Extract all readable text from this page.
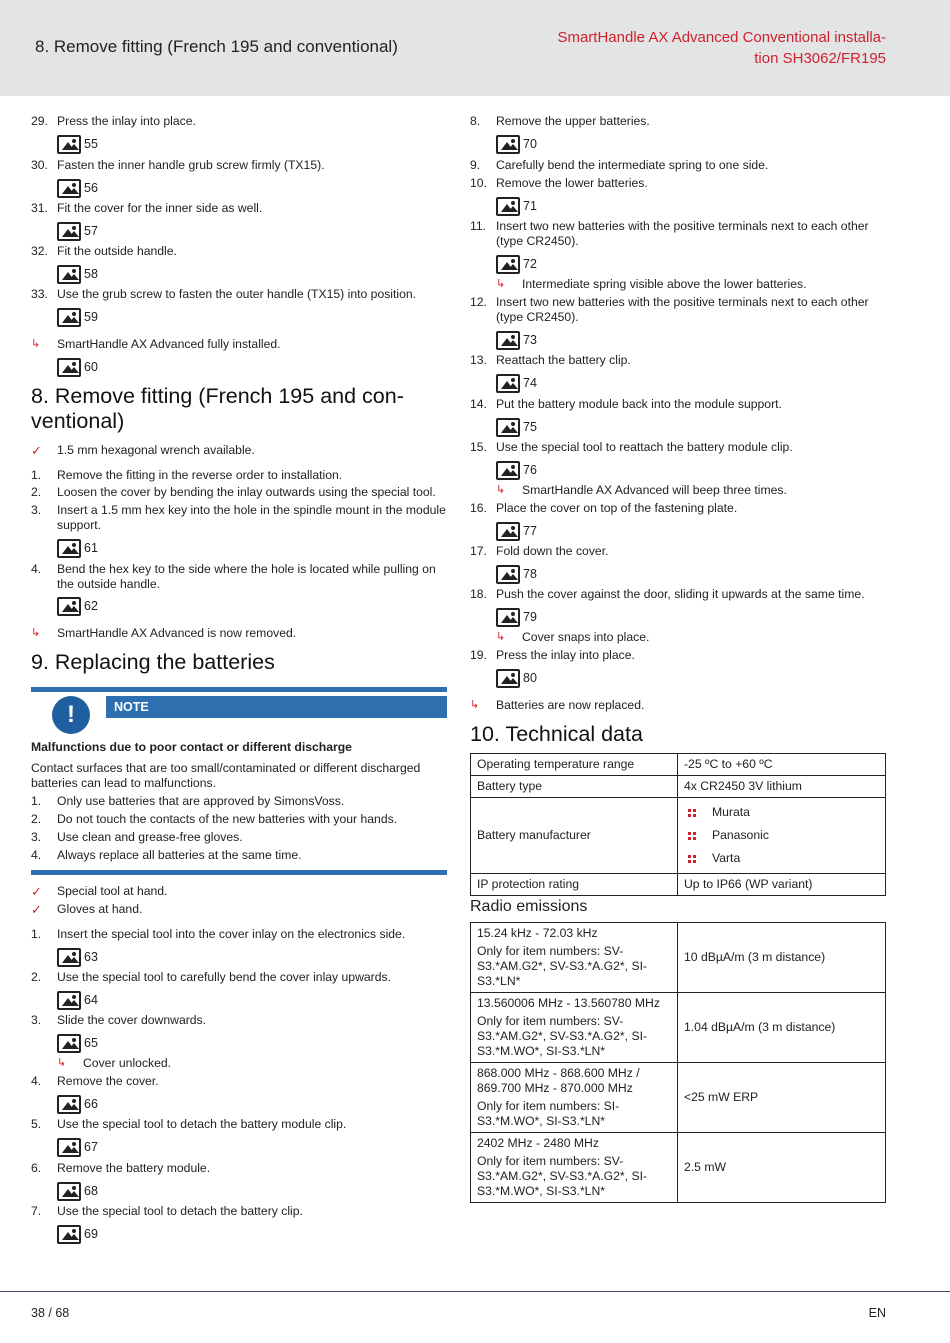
8. Remove fitting (French 195 and conventional)	SmartHandle AX Advanced Conventional installa-
tion SH3062/FR195
29. Press the inlay into place.
55
30. Fasten the inner handle grub screw firmly (TX15).
56
31. Fit the cover for the inner side as well.
57
32. Fit the outside handle.
58
33. Use the grub screw to fasten the outer handle (TX15) into position.
59
↳	SmartHandle AX Advanced fully installed.
60
8. Remove fitting (French 195 and con-
ventional)
✓	1.5 mm hexagonal wrench available.
1.	Remove the fitting in the reverse order to installation.
2.	Loosen the cover by bending the inlay outwards using the special tool.
3.	Insert a 1.5 mm hex key into the hole in the spindle mount in the module support.
61
4.	Bend the hex key to the side where the hole is located while pulling on the outside handle.
62
↳	SmartHandle AX Advanced is now removed.
9. Replacing the batteries
!	NOTE
Malfunctions due to poor contact or different discharge
Contact surfaces that are too small/contaminated or different discharged batteries can lead to malfunctions.
1.	Only use batteries that are approved by SimonsVoss.
2.	Do not touch the contacts of the new batteries with your hands.
3.	Use clean and grease-free gloves.
4.	Always replace all batteries at the same time.
✓	Special tool at hand.
✓	Gloves at hand.
1.	Insert the special tool into the cover inlay on the electronics side.
63
2.	Use the special tool to carefully bend the cover inlay upwards.
64
3.	Slide the cover downwards.
65
↳	Cover unlocked.
4.	Remove the cover.
66
5.	Use the special tool to detach the battery module clip.
67
6.	Remove the battery module.
68
7.	Use the special tool to detach the battery clip.
69
8.	Remove the upper batteries.
70
9.	Carefully bend the intermediate spring to one side.
10. Remove the lower batteries.
71
11. Insert two new batteries with the positive terminals next to each other (type CR2450).
72
↳	Intermediate spring visible above the lower batteries.
12. Insert two new batteries with the positive terminals next to each other (type CR2450).
73
13. Reattach the battery clip.
74
14. Put the battery module back into the module support.
75
15. Use the special tool to reattach the battery module clip.
76
↳	SmartHandle AX Advanced will beep three times.
16. Place the cover on top of the fastening plate.
77
17. Fold down the cover.
78
18. Push the cover against the door, sliding it upwards at the same time.
79
↳	Cover snaps into place.
19. Press the inlay into place.
80
↳	Batteries are now replaced.
10. Technical data
Operating temperature range	-25 ºC to +60 ºC
Battery type	4x CR2450 3V lithium
Battery manufacturer	Murata
Panasonic
Varta

IP protection rating	Up to IP66 (WP variant)
Radio emissions
15.24 kHz - 72.03 kHz
Only for item numbers: SV-S3.*AM.G2*, SV-S3.*A.G2*, SI-S3.*LN*	10 dBµA/m (3 m distance)

13.560006 MHz - 13.560780 MHz
Only for item numbers: SV-S3.*AM.G2*, SV-S3.*A.G2*, SI-S3.*M.WO*, SI-S3.*LN*	1.04 dBµA/m (3 m distance)

868.000 MHz - 868.600 MHz / 869.700 MHz - 870.000 MHz
Only for item numbers: SI-S3.*M.WO*, SI-S3.*LN*	<25 mW ERP

2402 MHz - 2480 MHz
Only for item numbers: SV-S3.*AM.G2*, SV-S3.*A.G2*, SI-S3.*M.WO*, SI-S3.*LN*	2.5 mW
38 / 68	EN
